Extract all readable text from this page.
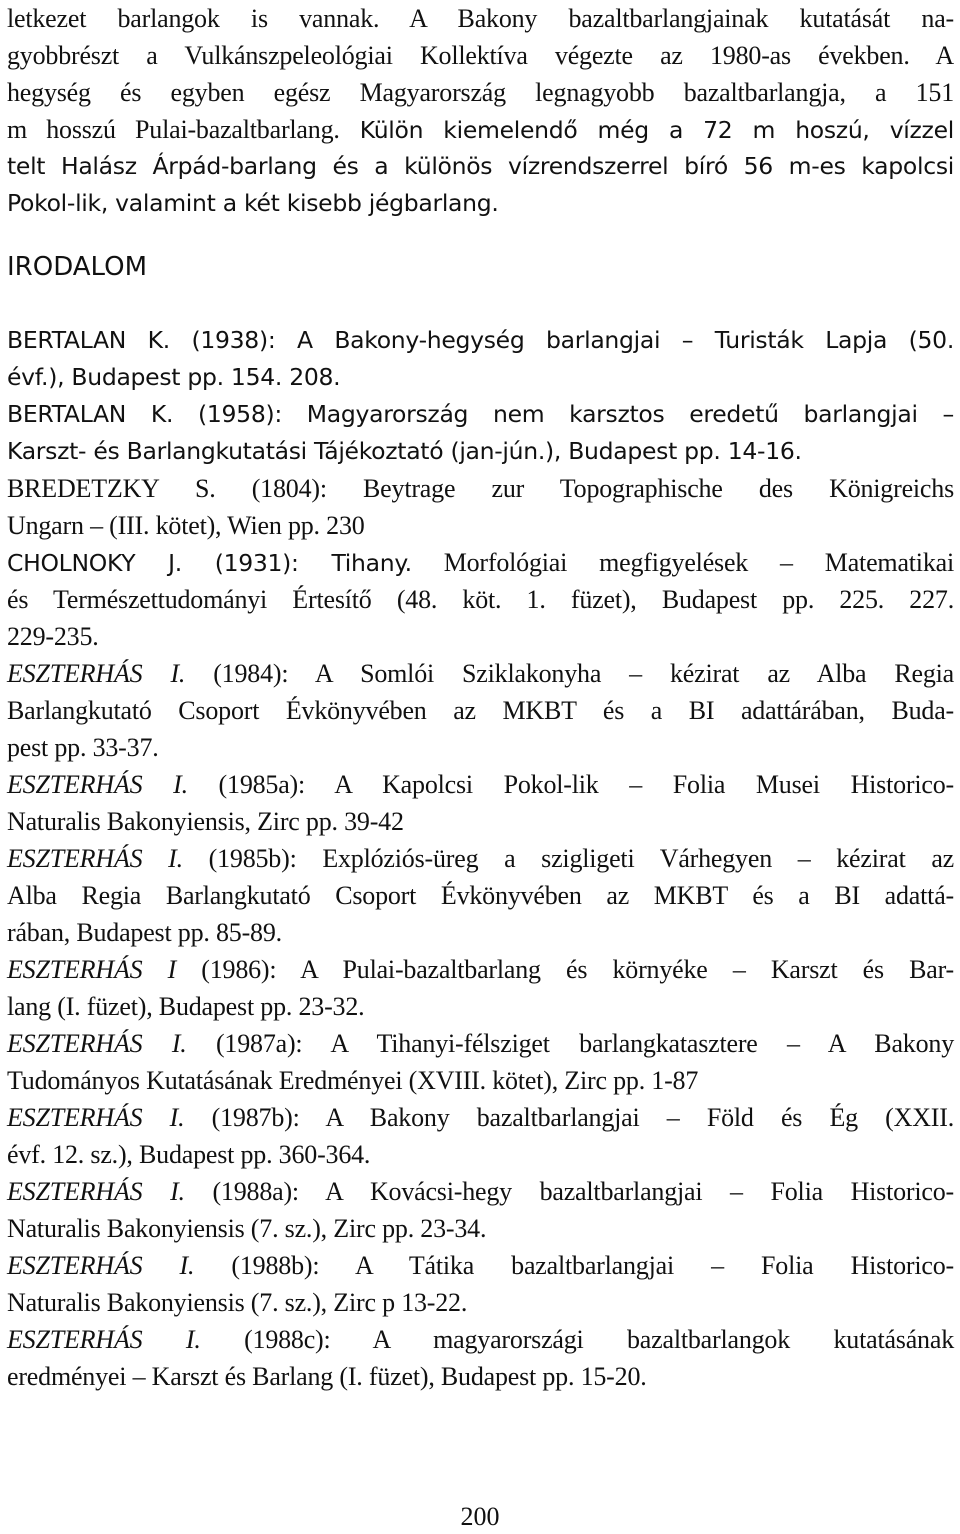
letkezet barlangok is vannak. A Bakony bazaltbarlangjainak kutatását na-
gyobbrészt a Vulkánszpeleológiai Kollektíva végezte az 1980-as években. A
hegység és egyben egész Magyarország legnagyobb bazaltbarlangja, a 151
m hosszú Pulai-bazaltbarlang. Külön kiemelendő még a 72 m hoszú, vízzel
telt Halász Árpád-barlang és a különös vízrendszerrel bíró 56 m-es kapolcsi
Pokol-lik, valamint a két kisebb jégbarlang.
IRODALOM
BERTALAN K. (1938): A Bakony-hegység barlangjai – Turisták Lapja (50.
évf.), Budapest pp. 154. 208.
BERTALAN K. (1958): Magyarország nem karsztos eredetű barlangjai –
Karszt- és Barlangkutatási Tájékoztató (jan-jún.), Budapest pp. 14-16.
BREDETZKY S. (1804): Beytrage zur Topographische des Königreichs
Ungarn – (III. kötet), Wien pp. 230
CHOLNOKY J. (1931): Tihany. Morfológiai megfigyelések – Matematikai
és Természettudományi Értesítő (48. köt. 1. füzet), Budapest pp. 225. 227.
229-235.
ESZTERHÁS I. (1984): A Somlói Sziklakonyha – kézirat az Alba Regia
Barlangkutató Csoport Évkönyvében az MKBT és a BI adattárában, Buda-
pest pp. 33-37.
ESZTERHÁS I. (1985a): A Kapolcsi Pokol-lik – Folia Musei Historico-
Naturalis Bakonyiensis, Zirc pp. 39-42
ESZTERHÁS I. (1985b): Explóziós-üreg a szigligeti Várhegyen – kézirat az
Alba Regia Barlangkutató Csoport Évkönyvében az MKBT és a BI adattá-
rában, Budapest pp. 85-89.
ESZTERHÁS I (1986): A Pulai-bazaltbarlang és környéke – Karszt és Bar-
lang (I. füzet), Budapest pp. 23-32.
ESZTERHÁS I. (1987a): A Tihanyi-félsziget barlangkatasztere – A Bakony
Tudományos Kutatásának Eredményei (XVIII. kötet), Zirc pp. 1-87
ESZTERHÁS I. (1987b): A Bakony bazaltbarlangjai – Föld és Ég (XXII.
évf. 12. sz.), Budapest pp. 360-364.
ESZTERHÁS I. (1988a): A Kovácsi-hegy bazaltbarlangjai – Folia Historico-
Naturalis Bakonyiensis (7. sz.), Zirc pp. 23-34.
ESZTERHÁS I. (1988b): A Tátika bazaltbarlangjai – Folia Historico-
Naturalis Bakonyiensis (7. sz.), Zirc p 13-22.
ESZTERHÁS I. (1988c): A magyarországi bazaltbarlangok kutatásának
eredményei – Karszt és Barlang (I. füzet), Budapest pp. 15-20.
200
